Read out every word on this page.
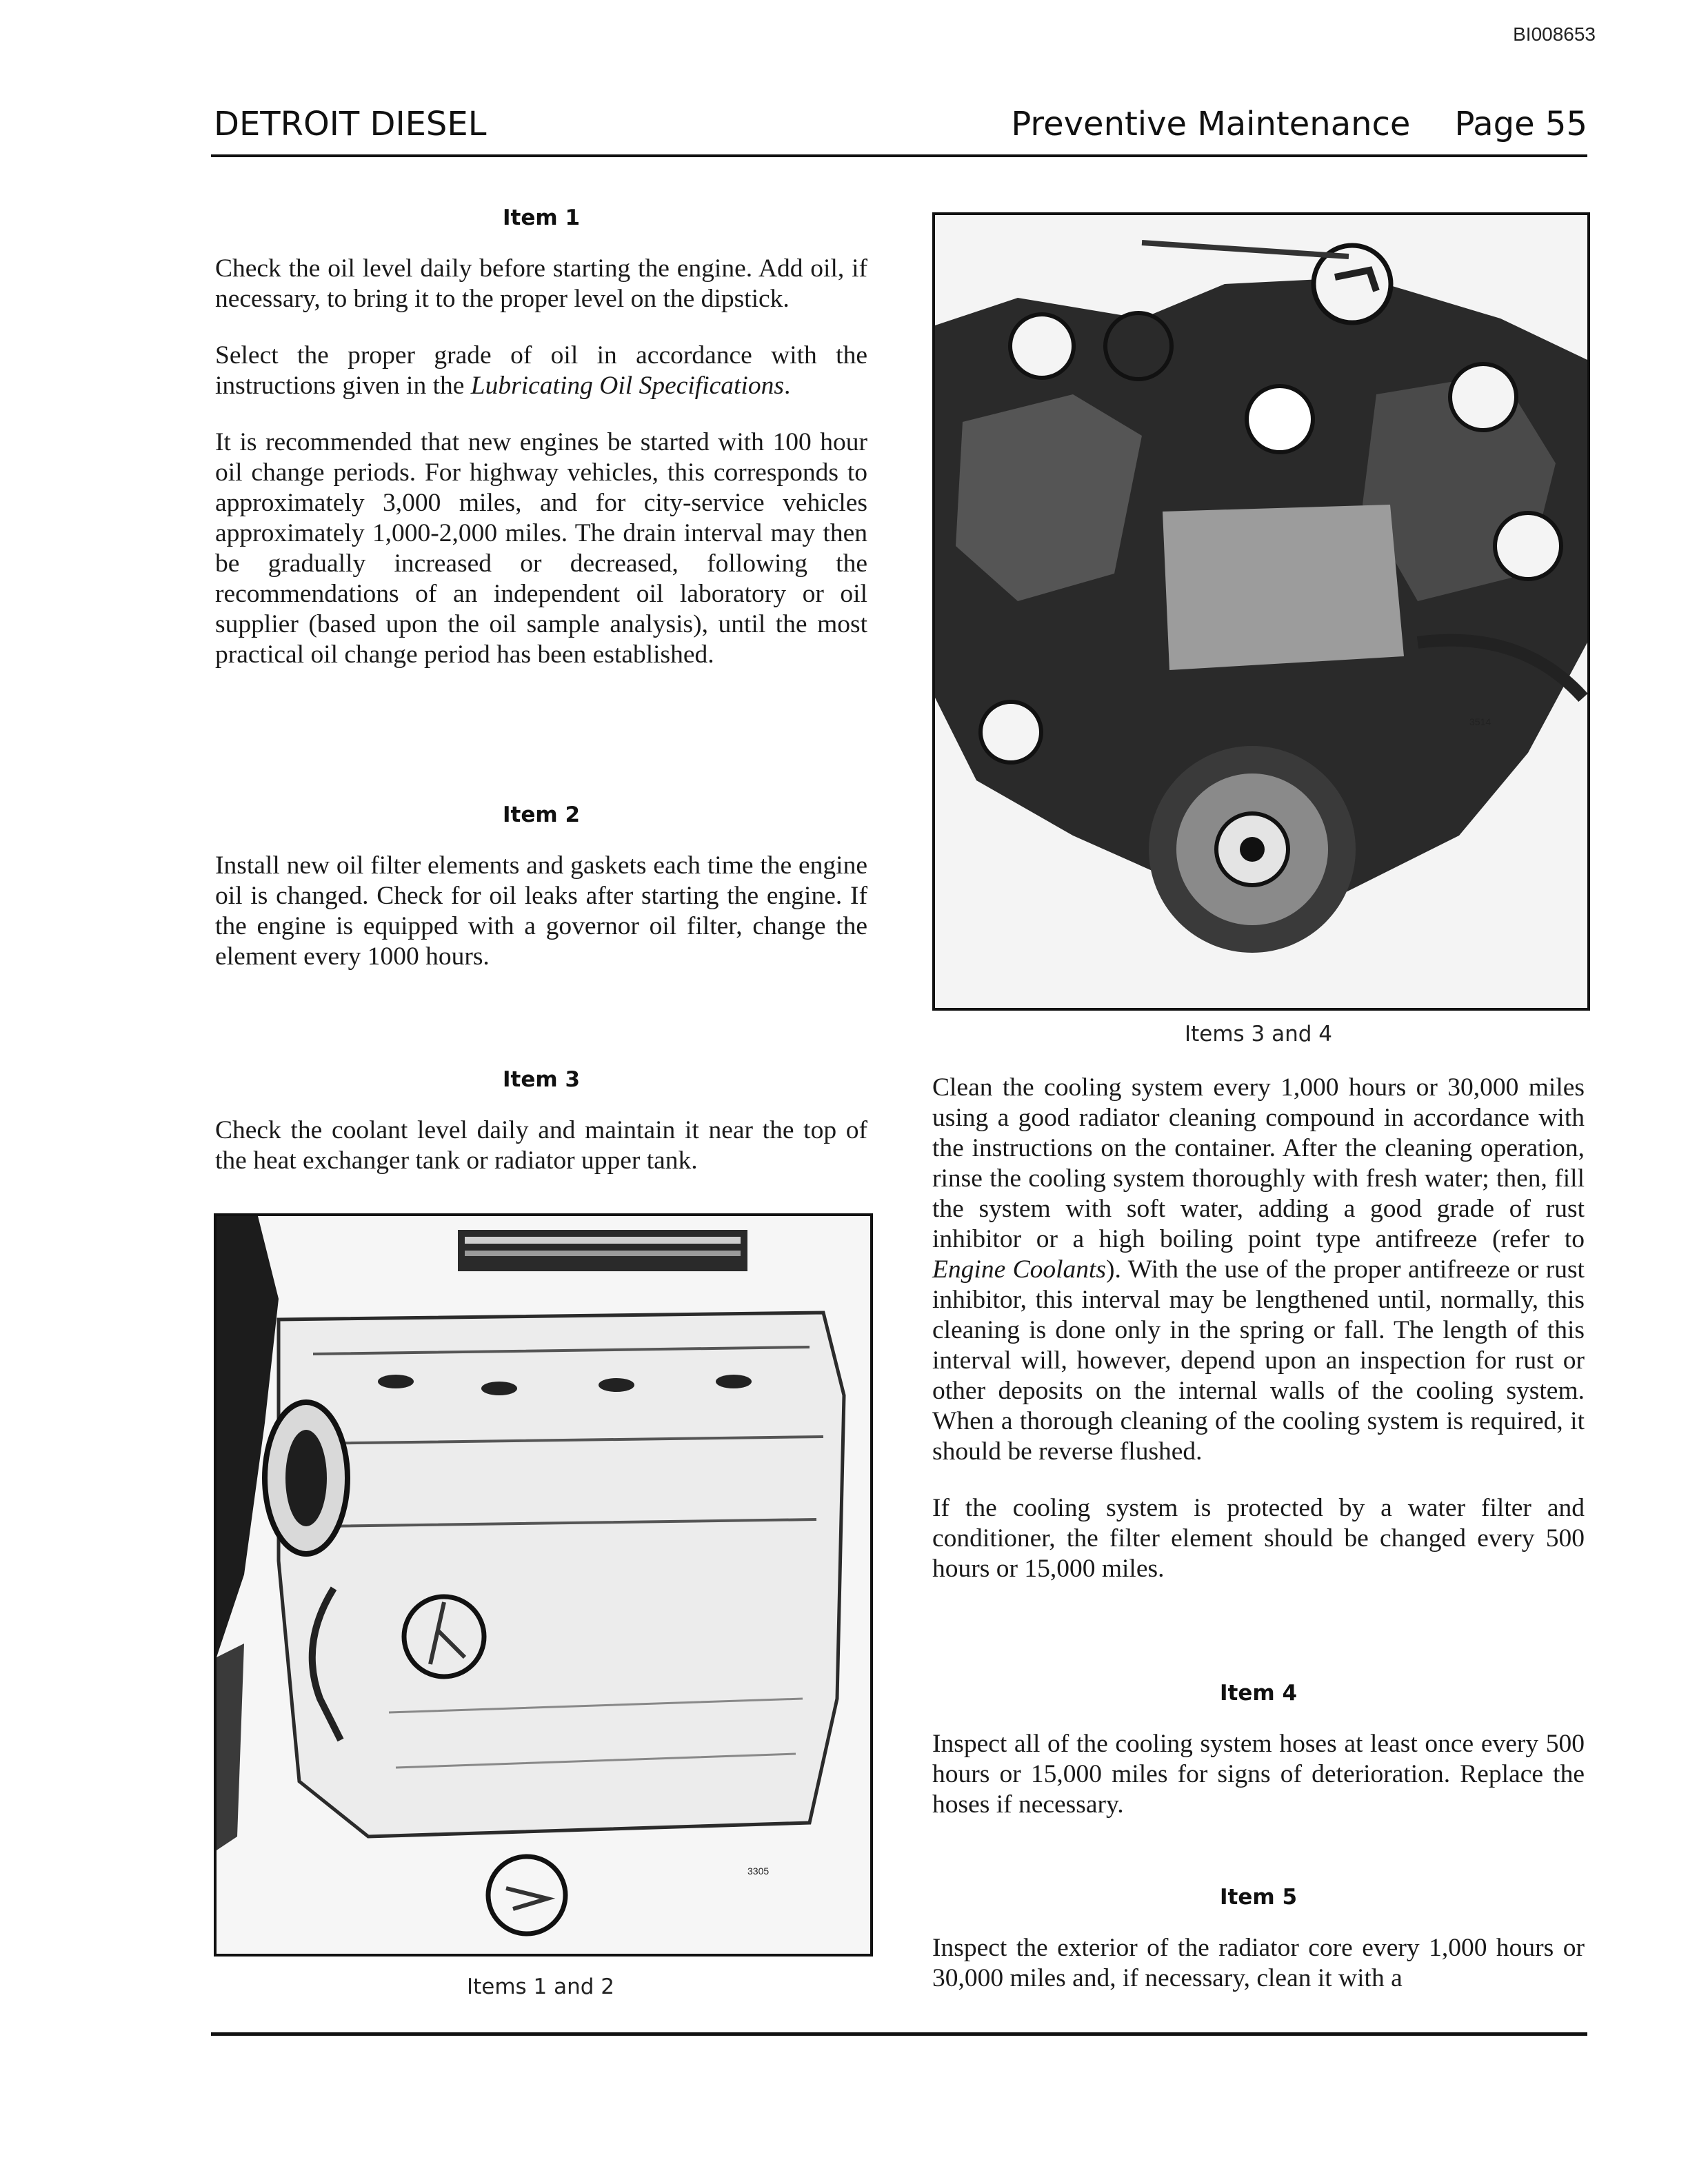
BI008653
DETROIT DIESEL	Preventive Maintenance Page 55
Item 1

Check the oil level daily before starting the engine. Add oil, if necessary, to bring it to the proper level on the dipstick.

Select the proper grade of oil in accordance with the instructions given in the Lubricating Oil Specifications.

It is recommended that new engines be started with 100 hour oil change periods. For highway vehicles, this corresponds to approximately 3,000 miles, and for city-service vehicles approximately 1,000-2,000 miles. The drain interval may then be gradually increased or decreased, following the recommendations of an independent oil laboratory or oil supplier (based upon the oil sample analysis), until the most practical oil change period has been established.

Item 2

Install new oil filter elements and gaskets each time the engine oil is changed. Check for oil leaks after starting the engine. If the engine is equipped with a governor oil filter, change the element every 1000 hours.

Item 3

Check the coolant level daily and maintain it near the top of the heat exchanger tank or radiator upper tank.

3305
Items 1 and 2
3514
Items 3 and 4

Clean the cooling system every 1,000 hours or 30,000 miles using a good radiator cleaning compound in accordance with the instructions on the container. After the cleaning operation, rinse the cooling system thoroughly with fresh water; then, fill the system with soft water, adding a good grade of rust inhibitor or a high boiling point type antifreeze (refer to Engine Coolants). With the use of the proper antifreeze or rust inhibitor, this interval may be lengthened until, normally, this cleaning is done only in the spring or fall. The length of this interval will, however, depend upon an inspection for rust or other deposits on the internal walls of the cooling system. When a thorough cleaning of the cooling system is required, it should be reverse flushed.

If the cooling system is protected by a water filter and conditioner, the filter element should be changed every 500 hours or 15,000 miles.

Item 4

Inspect all of the cooling system hoses at least once every 500 hours or 15,000 miles for signs of deterioration. Replace the hoses if necessary.

Item 5

Inspect the exterior of the radiator core every 1,000 hours or 30,000 miles and, if necessary, clean it with a
